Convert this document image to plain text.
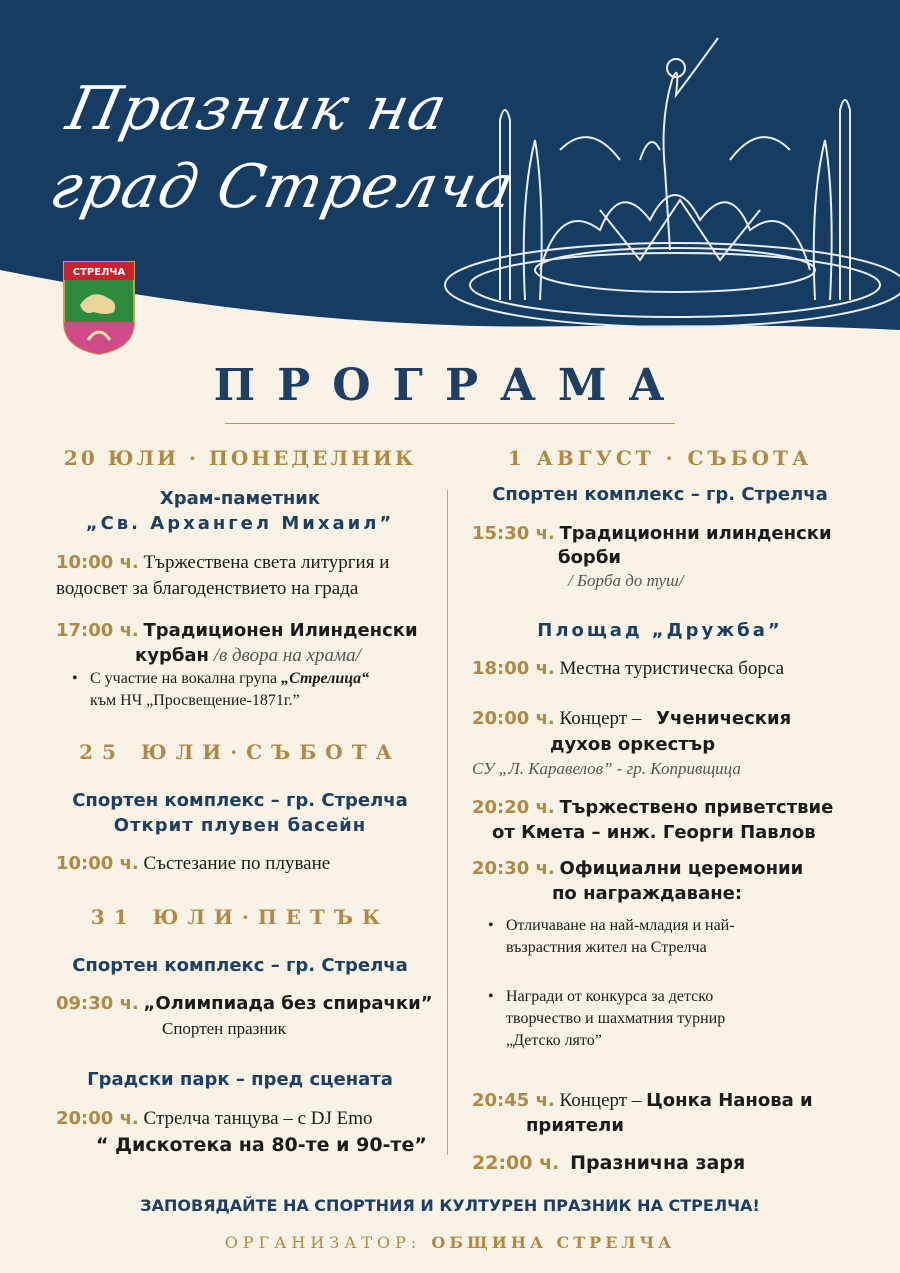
Празник на
град Стрелча
СТРЕЛЧА
ПРОГРАМА
20 ЮЛИ · ПОНЕДЕЛНИК
Храм-паметник
„Св. Архангел Михаил”
10:00 ч. Тържествена света литургия и
водосвет за благоденствието на града
17:00 ч. Традиционен Илинденски
курбан /в двора на храма/
• С участие на вокална група „Стрелица“
към НЧ „Просвещение-1871г.”
25 ЮЛИ·СЪБОТА
Спортен комплекс – гр. Стрелча
Открит плувен басейн
10:00 ч. Състезание по плуване
31 ЮЛИ·ПЕТЪК
Спортен комплекс – гр. Стрелча
09:30 ч. „Олимпиада без спирачки”
Спортен празник
Градски парк – пред сцената
20:00 ч. Стрелча танцува – с DJ Emo
“ Дискотека на 80-те и 90-те”
1 АВГУСТ · СЪБОТА
Спортен комплекс – гр. Стрелча
15:30 ч. Традиционни илинденски
борби
/ Борба до туш/
Площад „Дружба”
18:00 ч. Местна туристическа борса
20:00 ч. Концерт – Ученическия
духов оркестър
СУ „Л. Каравелов” - гр. Копривщица
20:20 ч. Тържествено приветствие
от Кмета – инж. Георги Павлов
20:30 ч. Официални церемонии
по награждаване:
• Отличаване на най-младия и най-
възрастния жител на Стрелча
• Награди от конкурса за детско
творчество и шахматния турнир
„Детско лято”
20:45 ч. Концерт – Цонка Нанова и
приятели
22:00 ч. Празнична заря
ЗАПОВЯДАЙТЕ НА СПОРТНИЯ И КУЛТУРЕН ПРАЗНИК НА СТРЕЛЧА!
ОРГАНИЗАТОР: ОБЩИНА СТРЕЛЧА
